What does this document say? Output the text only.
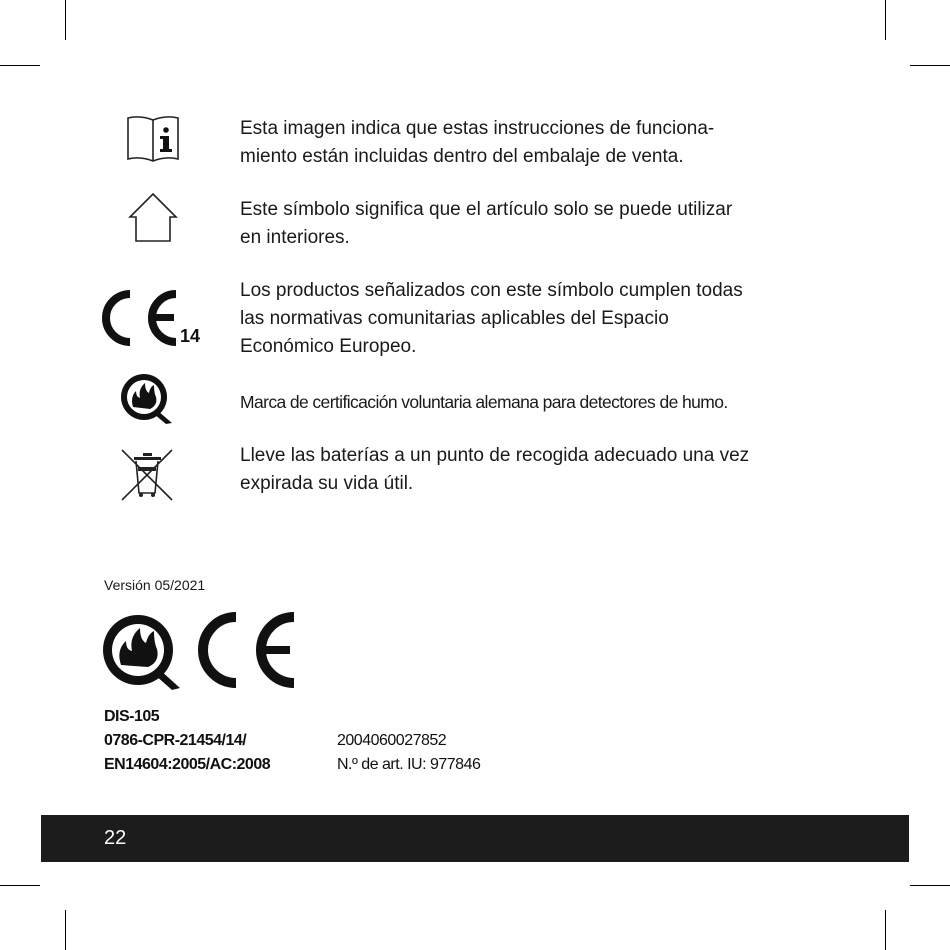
Esta imagen indica que estas instrucciones de funciona-
miento están incluidas dentro del embalaje de venta.
Este símbolo significa que el artículo solo se puede utilizar
en interiores.
14
Los productos señalizados con este símbolo cumplen todas
las normativas comunitarias aplicables del Espacio
Económico Europeo.
Marca de certificación voluntaria alemana para detectores de humo.
Lleve las baterías a un punto de recogida adecuado una vez
expirada su vida útil.
Versión 05/2021
DIS-105
0786-CPR-21454/14/
EN14604:2005/AC:2008
2004060027852
N.º de art. IU: 977846
22
